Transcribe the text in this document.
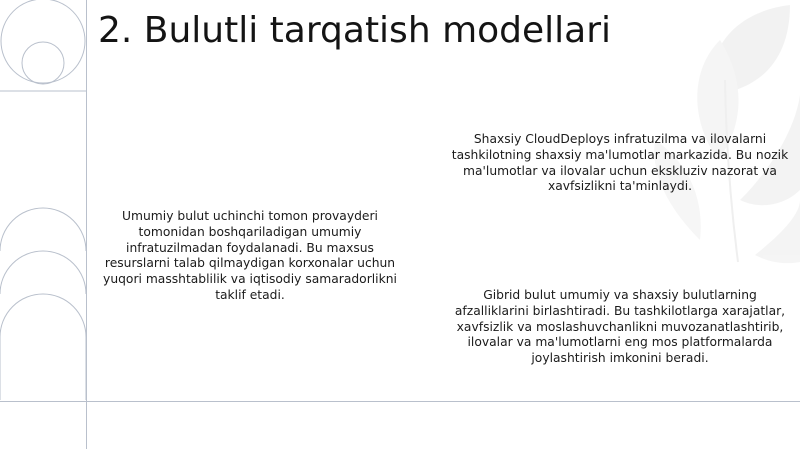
2. Bulutli tarqatish modellari

Umumiy bulut uchinchi tomon provayderi tomonidan boshqariladigan umumiy infratuzilmadan foydalanadi. Bu maxsus resurslarni talab qilmaydigan korxonalar uchun yuqori masshtablilik va iqtisodiy samaradorlikni taklif etadi.

Shaxsiy CloudDeploys infratuzilma va ilovalarni tashkilotning shaxsiy ma'lumotlar markazida. Bu nozik ma'lumotlar va ilovalar uchun ekskluziv nazorat va xavfsizlikni ta'minlaydi.

Gibrid bulut umumiy va shaxsiy bulutlarning afzalliklarini birlashtiradi. Bu tashkilotlarga xarajatlar, xavfsizlik va moslashuvchanlikni muvozanatlashtirib, ilovalar va ma'lumotlarni eng mos platformalarda joylashtirish imkonini beradi.
